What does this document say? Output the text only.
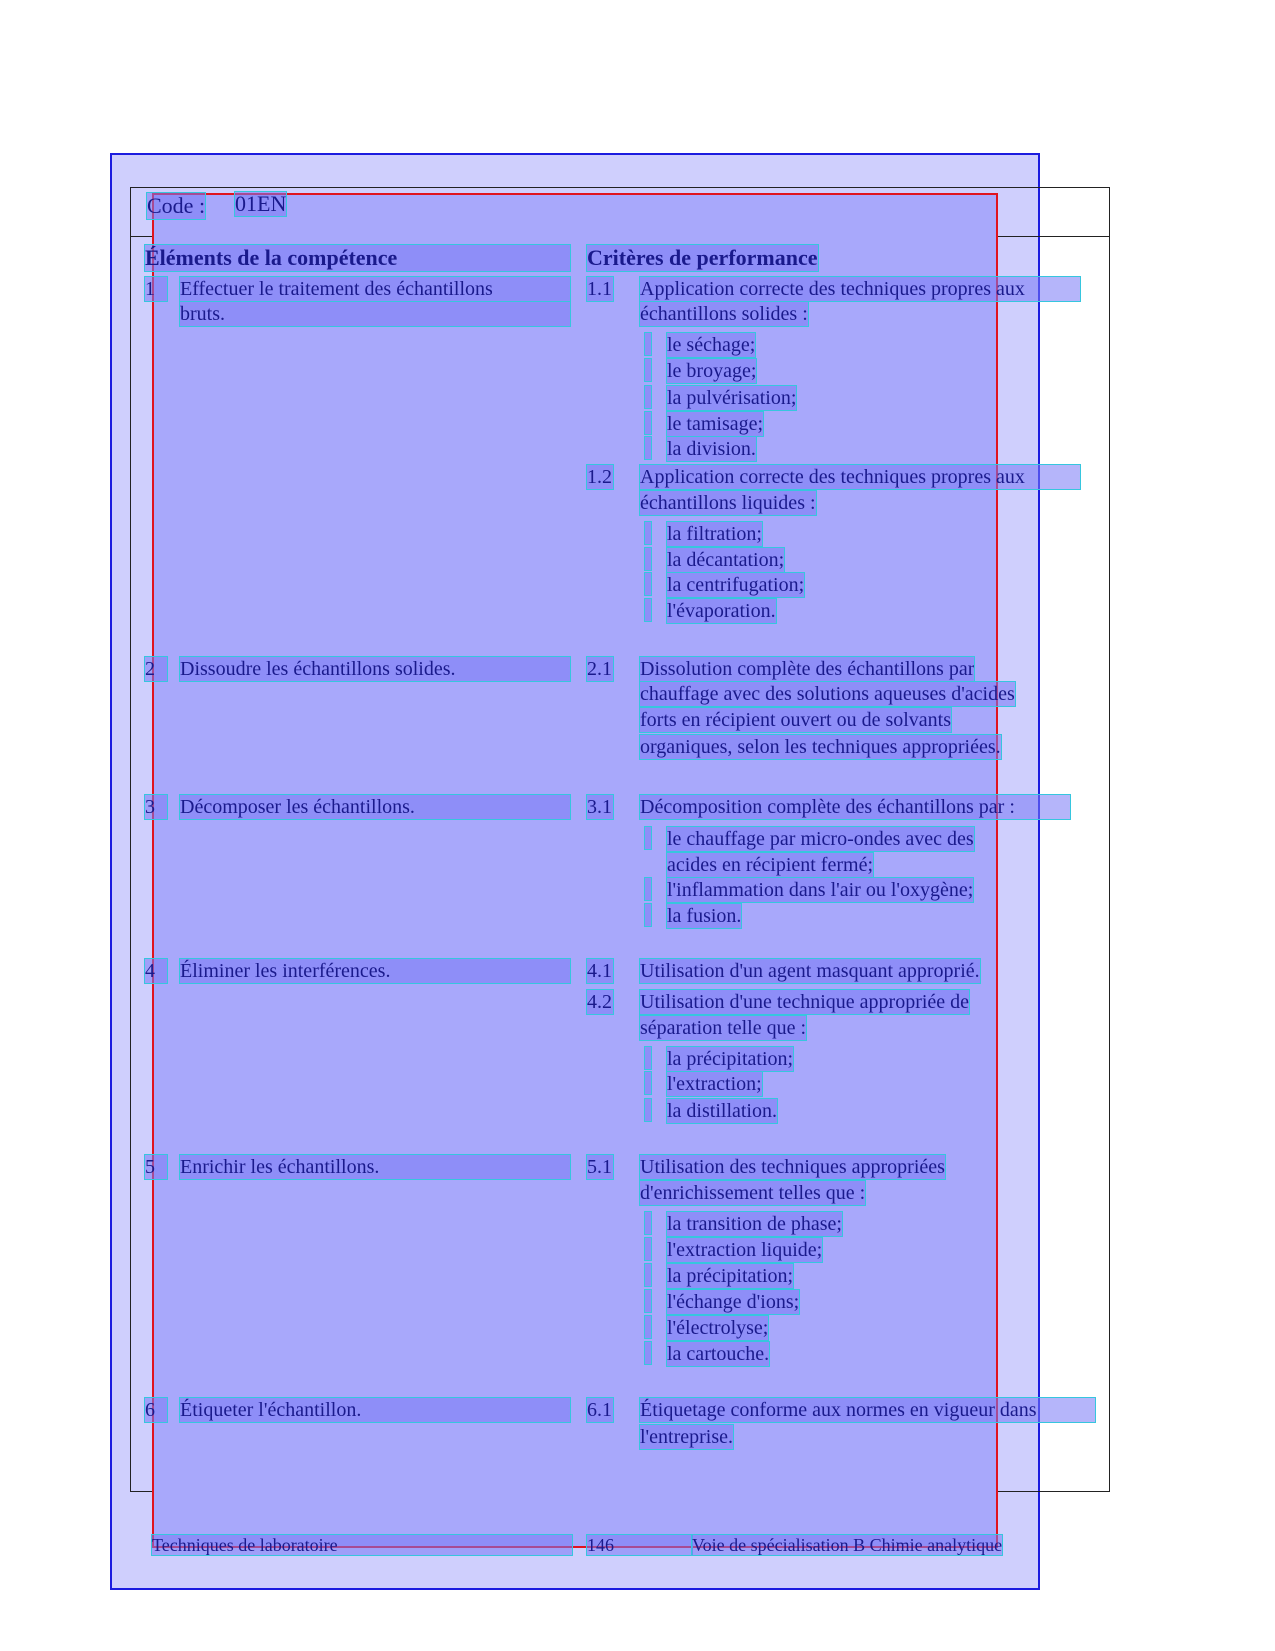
Code : 01EN
Éléments de la compétence	Critères de performance
1	Effectuer le traitement des échantillons
bruts.
1.1 Application correcte des techniques propres aux
échantillons solides :
le séchage;
le broyage;
la pulvérisation;
le tamisage;
la division.
1.2 Application correcte des techniques propres aux
échantillons liquides :
la filtration;
la décantation;
la centrifugation;
l'évaporation.
2	Dissoudre les échantillons solides.	2.1 Dissolution complète des échantillons par
chauffage avec des solutions aqueuses d'acides
forts en récipient ouvert ou de solvants
organiques, selon les techniques appropriées.
3	Décomposer les échantillons.	3.1 Décomposition complète des échantillons par :
le chauffage par micro-ondes avec des
acides en récipient fermé;
l'inflammation dans l'air ou l'oxygène;
la fusion.
4	Éliminer les interférences.	4.1 Utilisation d'un agent masquant approprié.
4.2 Utilisation d'une technique appropriée de
séparation telle que :
la précipitation;
l'extraction;
la distillation.
5	Enrichir les échantillons.	5.1 Utilisation des techniques appropriées
d'enrichissement telles que :
la transition de phase;
l'extraction liquide;
la précipitation;
l'échange d'ions;
l'électrolyse;
la cartouche.
6	Étiqueter l'échantillon.	6.1 Étiquetage conforme aux normes en vigueur dans
l'entreprise.
Techniques de laboratoire	146	Voie de spécialisation B Chimie analytique
